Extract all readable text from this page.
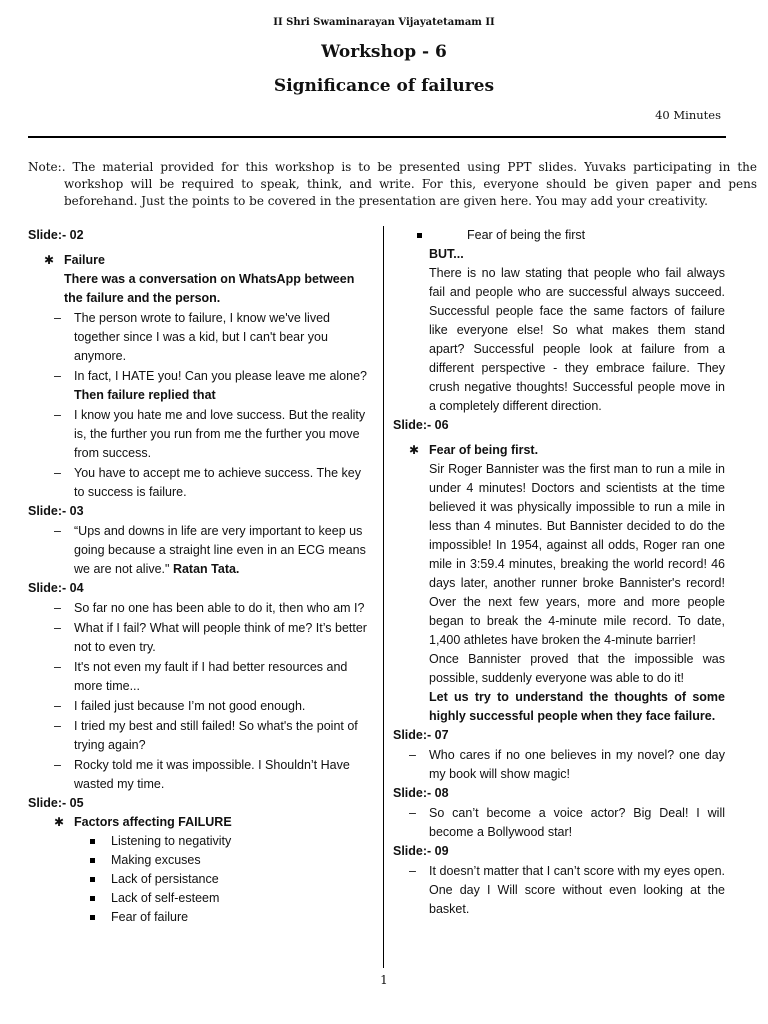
II Shri Swaminarayan Vijayatetamam II
Workshop - 6
Significance of failures
40 Minutes
Note:. The material provided for this workshop is to be presented using PPT slides. Yuvaks participating in the workshop will be required to speak, think, and write. For this, everyone should be given paper and pens beforehand. Just the points to be covered in the presentation are given here. You may add your creativity.
Slide:- 02
✱ Failure
There was a conversation on WhatsApp between the failure and the person.
– The person wrote to failure, I know we've lived together since I was a kid, but I can't bear you anymore.
– In fact, I HATE you! Can you please leave me alone?
Then failure replied that
– I know you hate me and love success. But the reality is, the further you run from me the further you move from success.
– You have to accept me to achieve success. The key to success is failure.
Slide:- 03
– “Ups and downs in life are very important to keep us going because a straight line even in an ECG means we are not alive." Ratan Tata.
Slide:- 04
– So far no one has been able to do it, then who am I?
– What if I fail? What will people think of me? It’s better not to even try.
– It's not even my fault if I had better resources and more time...
– I failed just because I’m not good enough.
– I tried my best and still failed! So what's the point of trying again?
– Rocky told me it was impossible. I Shouldn’t Have wasted my time.
Slide:- 05
✱ Factors affecting FAILURE
Listening to negativity
Making excuses
Lack of persistance
Lack of self-esteem
Fear of failure
Fear of being the first
BUT...
There is no law stating that people who fail always fail and people who are successful always succeed. Successful people face the same factors of failure like everyone else! So what makes them stand apart? Successful people look at failure from a different perspective - they embrace failure. They crush negative thoughts! Successful people move in a completely different direction.
Slide:- 06
✱ Fear of being first.
Sir Roger Bannister was the first man to run a mile in under 4 minutes! Doctors and scientists at the time believed it was physically impossible to run a mile in less than 4 minutes. But Bannister decided to do the impossible! In 1954, against all odds, Roger ran one mile in 3:59.4 minutes, breaking the world record! 46 days later, another runner broke Bannister's record! Over the next few years, more and more people began to break the 4-minute mile record. To date, 1,400 athletes have broken the 4-minute barrier!
Once Bannister proved that the impossible was possible, suddenly everyone was able to do it!
Let us try to understand the thoughts of some highly successful people when they face failure.
Slide:- 07
– Who cares if no one believes in my novel? one day my book will show magic!
Slide:- 08
– So can’t become a voice actor? Big Deal! I will become a Bollywood star!
Slide:- 09
– It doesn’t matter that I can’t score with my eyes open. One day I Will score without even looking at the basket.
1
